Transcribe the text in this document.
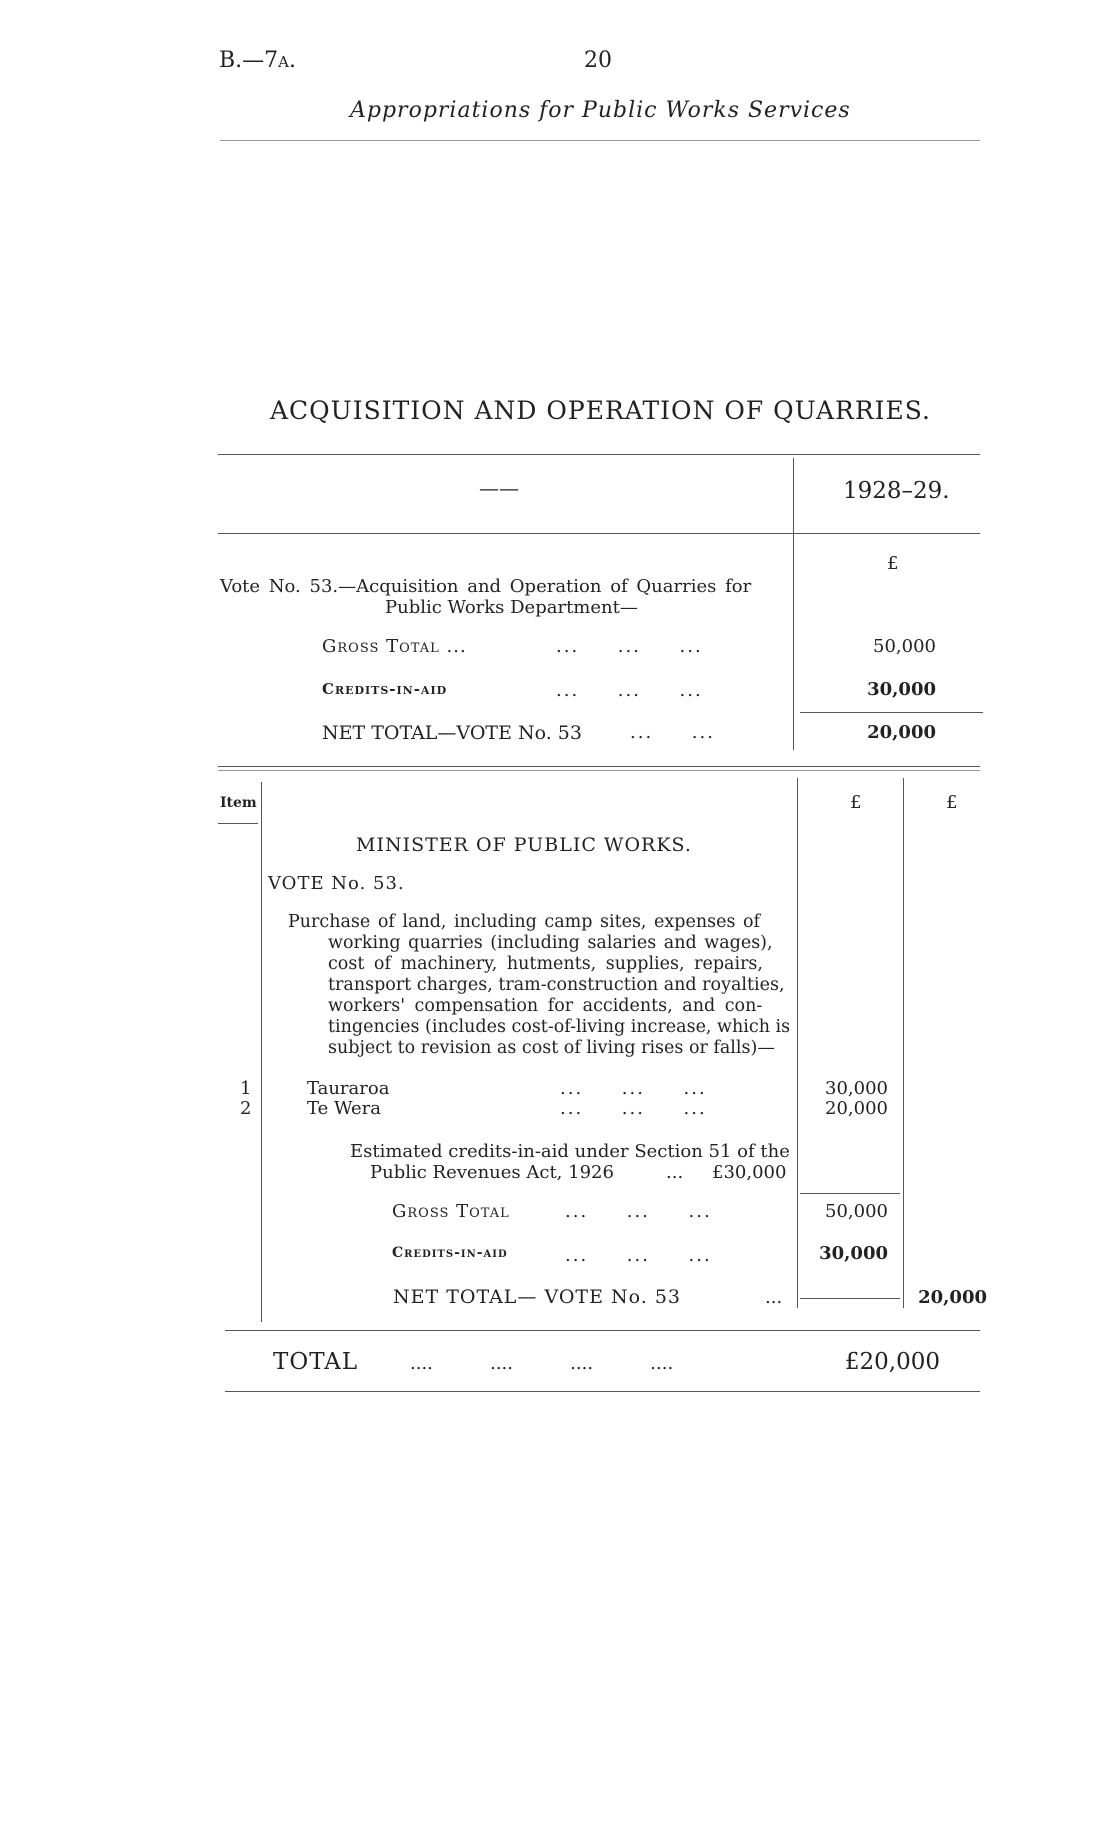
B.—7A.	20
Appropriations for Public Works Services
ACQUISITION AND OPERATION OF QUARRIES.
——	1928–29.
£
Vote No. 53.—Acquisition and Operation of Quarries for
Public Works Department—
Gross Total ...	...     ...     ...	50,000
Credits-in-aid	...     ...     ...	30,000
NET TOTAL—VOTE No. 53	...     ...	20,000
Item	£	£
MINISTER OF PUBLIC WORKS.
VOTE No. 53.
Purchase of land, including camp sites, expenses of
working quarries (including salaries and wages),
cost of machinery, hutments, supplies, repairs,
transport charges, tram-construction and royalties,
workers' compensation for accidents, and con-
tingencies (includes cost-of-living increase, which is
subject to revision as cost of living rises or falls)—
1	Tauraroa	...     ...     ...	30,000
2	Te Wera	...     ...     ...	20,000
Estimated credits-in-aid under Section 51 of the
Public Revenues Act, 1926	... £30,000
Gross Total	...     ...     ...	50,000
Credits-in-aid	...     ...     ...	30,000
NET TOTAL— VOTE No. 53	...	20,000
TOTAL	....          ....          ....          ....	£20,000
